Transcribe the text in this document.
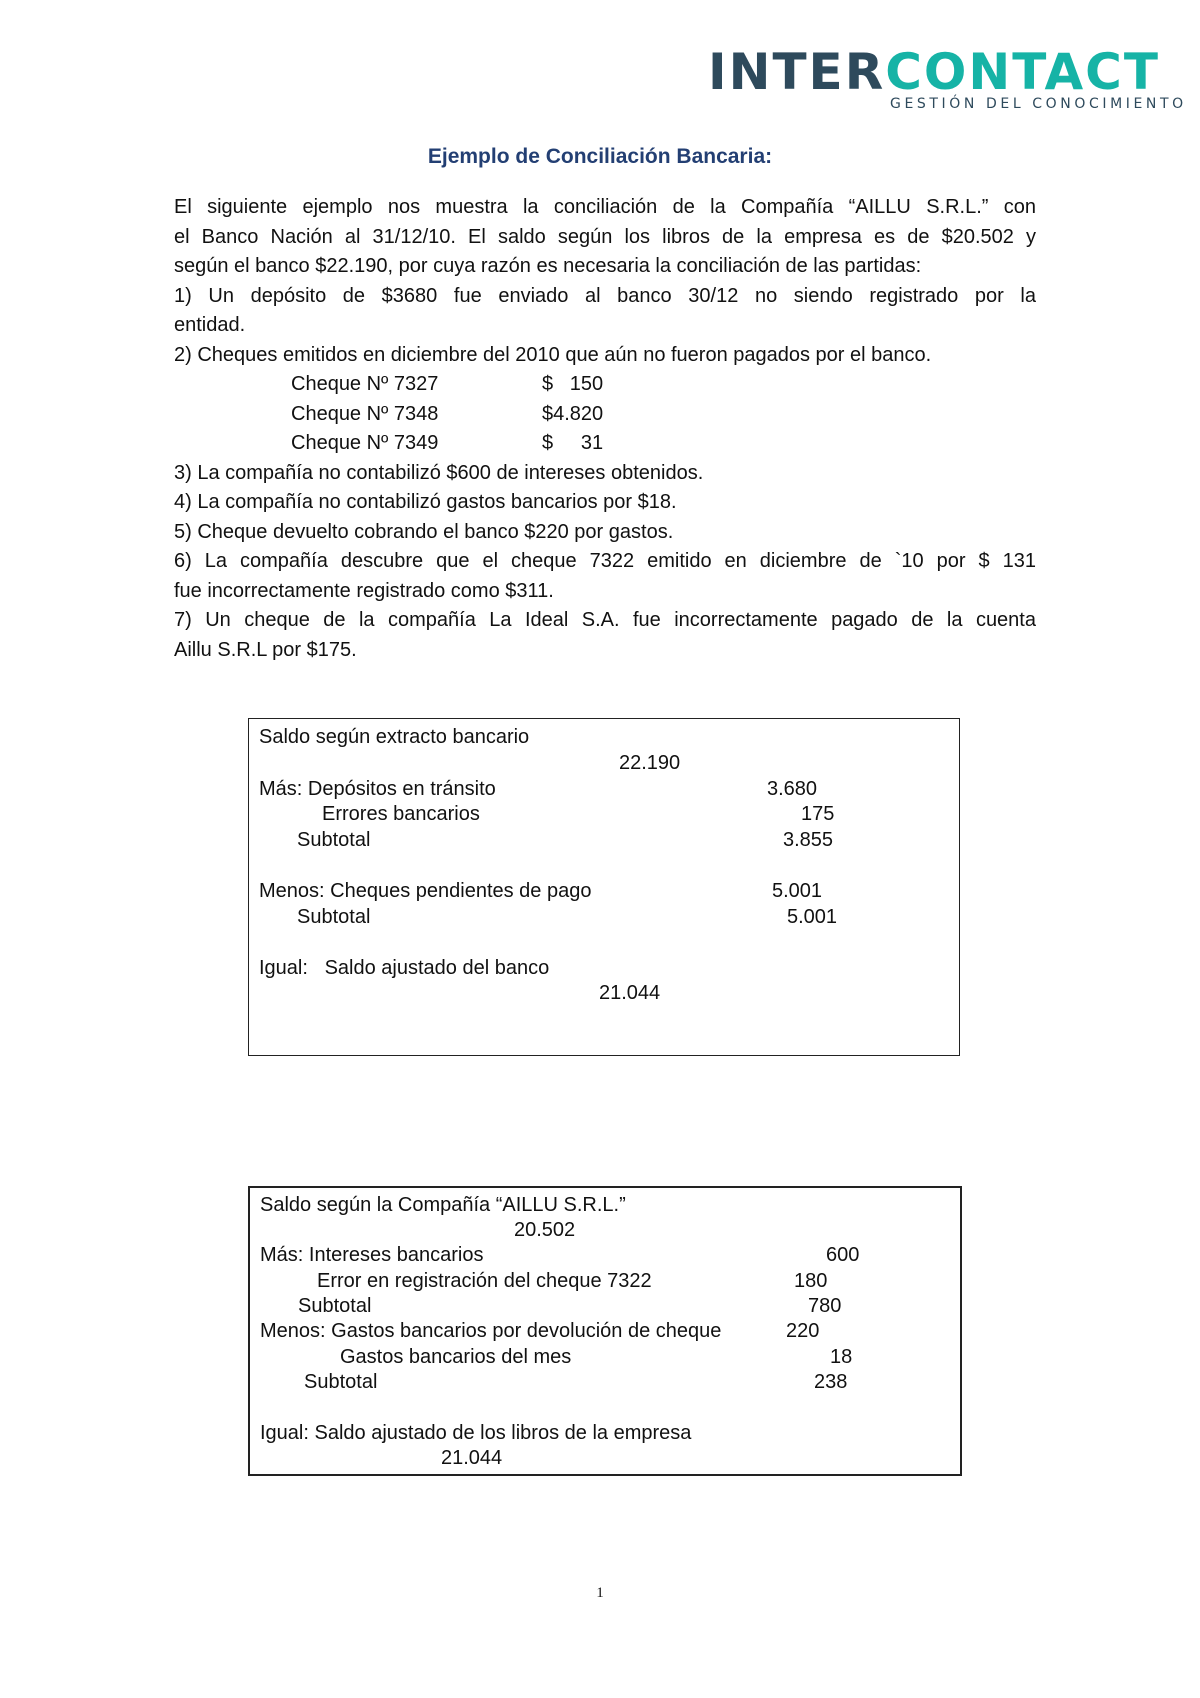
INTERCONTACT
GESTIÓN DEL CONOCIMIENTO
Ejemplo de Conciliación Bancaria:
El siguiente ejemplo nos muestra la conciliación de la Compañía “AILLU S.R.L.” con
el Banco Nación al 31/12/10. El saldo según los libros de la empresa es de $20.502 y
según el banco $22.190, por cuya razón es necesaria la conciliación de las partidas:
1) Un depósito de $3680 fue enviado al banco 30/12 no siendo registrado por la
entidad.
2) Cheques emitidos en diciembre del 2010 que aún no fueron pagados por el banco.
Cheque Nº 7327	$   150
Cheque Nº 7348	$4.820
Cheque Nº 7349	$     31
3) La compañía no contabilizó $600 de intereses obtenidos.
4) La compañía no contabilizó gastos bancarios por $18.
5) Cheque devuelto cobrando el banco $220 por gastos.
6) La compañía descubre que el cheque 7322 emitido en diciembre de `10 por $ 131
fue incorrectamente registrado como $311.
7) Un cheque de la compañía La Ideal S.A. fue incorrectamente pagado de la cuenta
Aillu S.R.L por $175.
Saldo según extracto bancario
22.190
Más: Depósitos en tránsito	3.680
Errores bancarios	175
Subtotal	3.855
Menos: Cheques pendientes de pago	5.001
Subtotal	5.001
Igual:   Saldo ajustado del banco
21.044
Saldo según la Compañía “AILLU S.R.L.”
20.502
Más: Intereses bancarios	600
Error en registración del cheque 7322	180
Subtotal	780
Menos: Gastos bancarios por devolución de cheque	220
Gastos bancarios del mes	18
Subtotal	238
Igual: Saldo ajustado de los libros de la empresa
21.044
1
